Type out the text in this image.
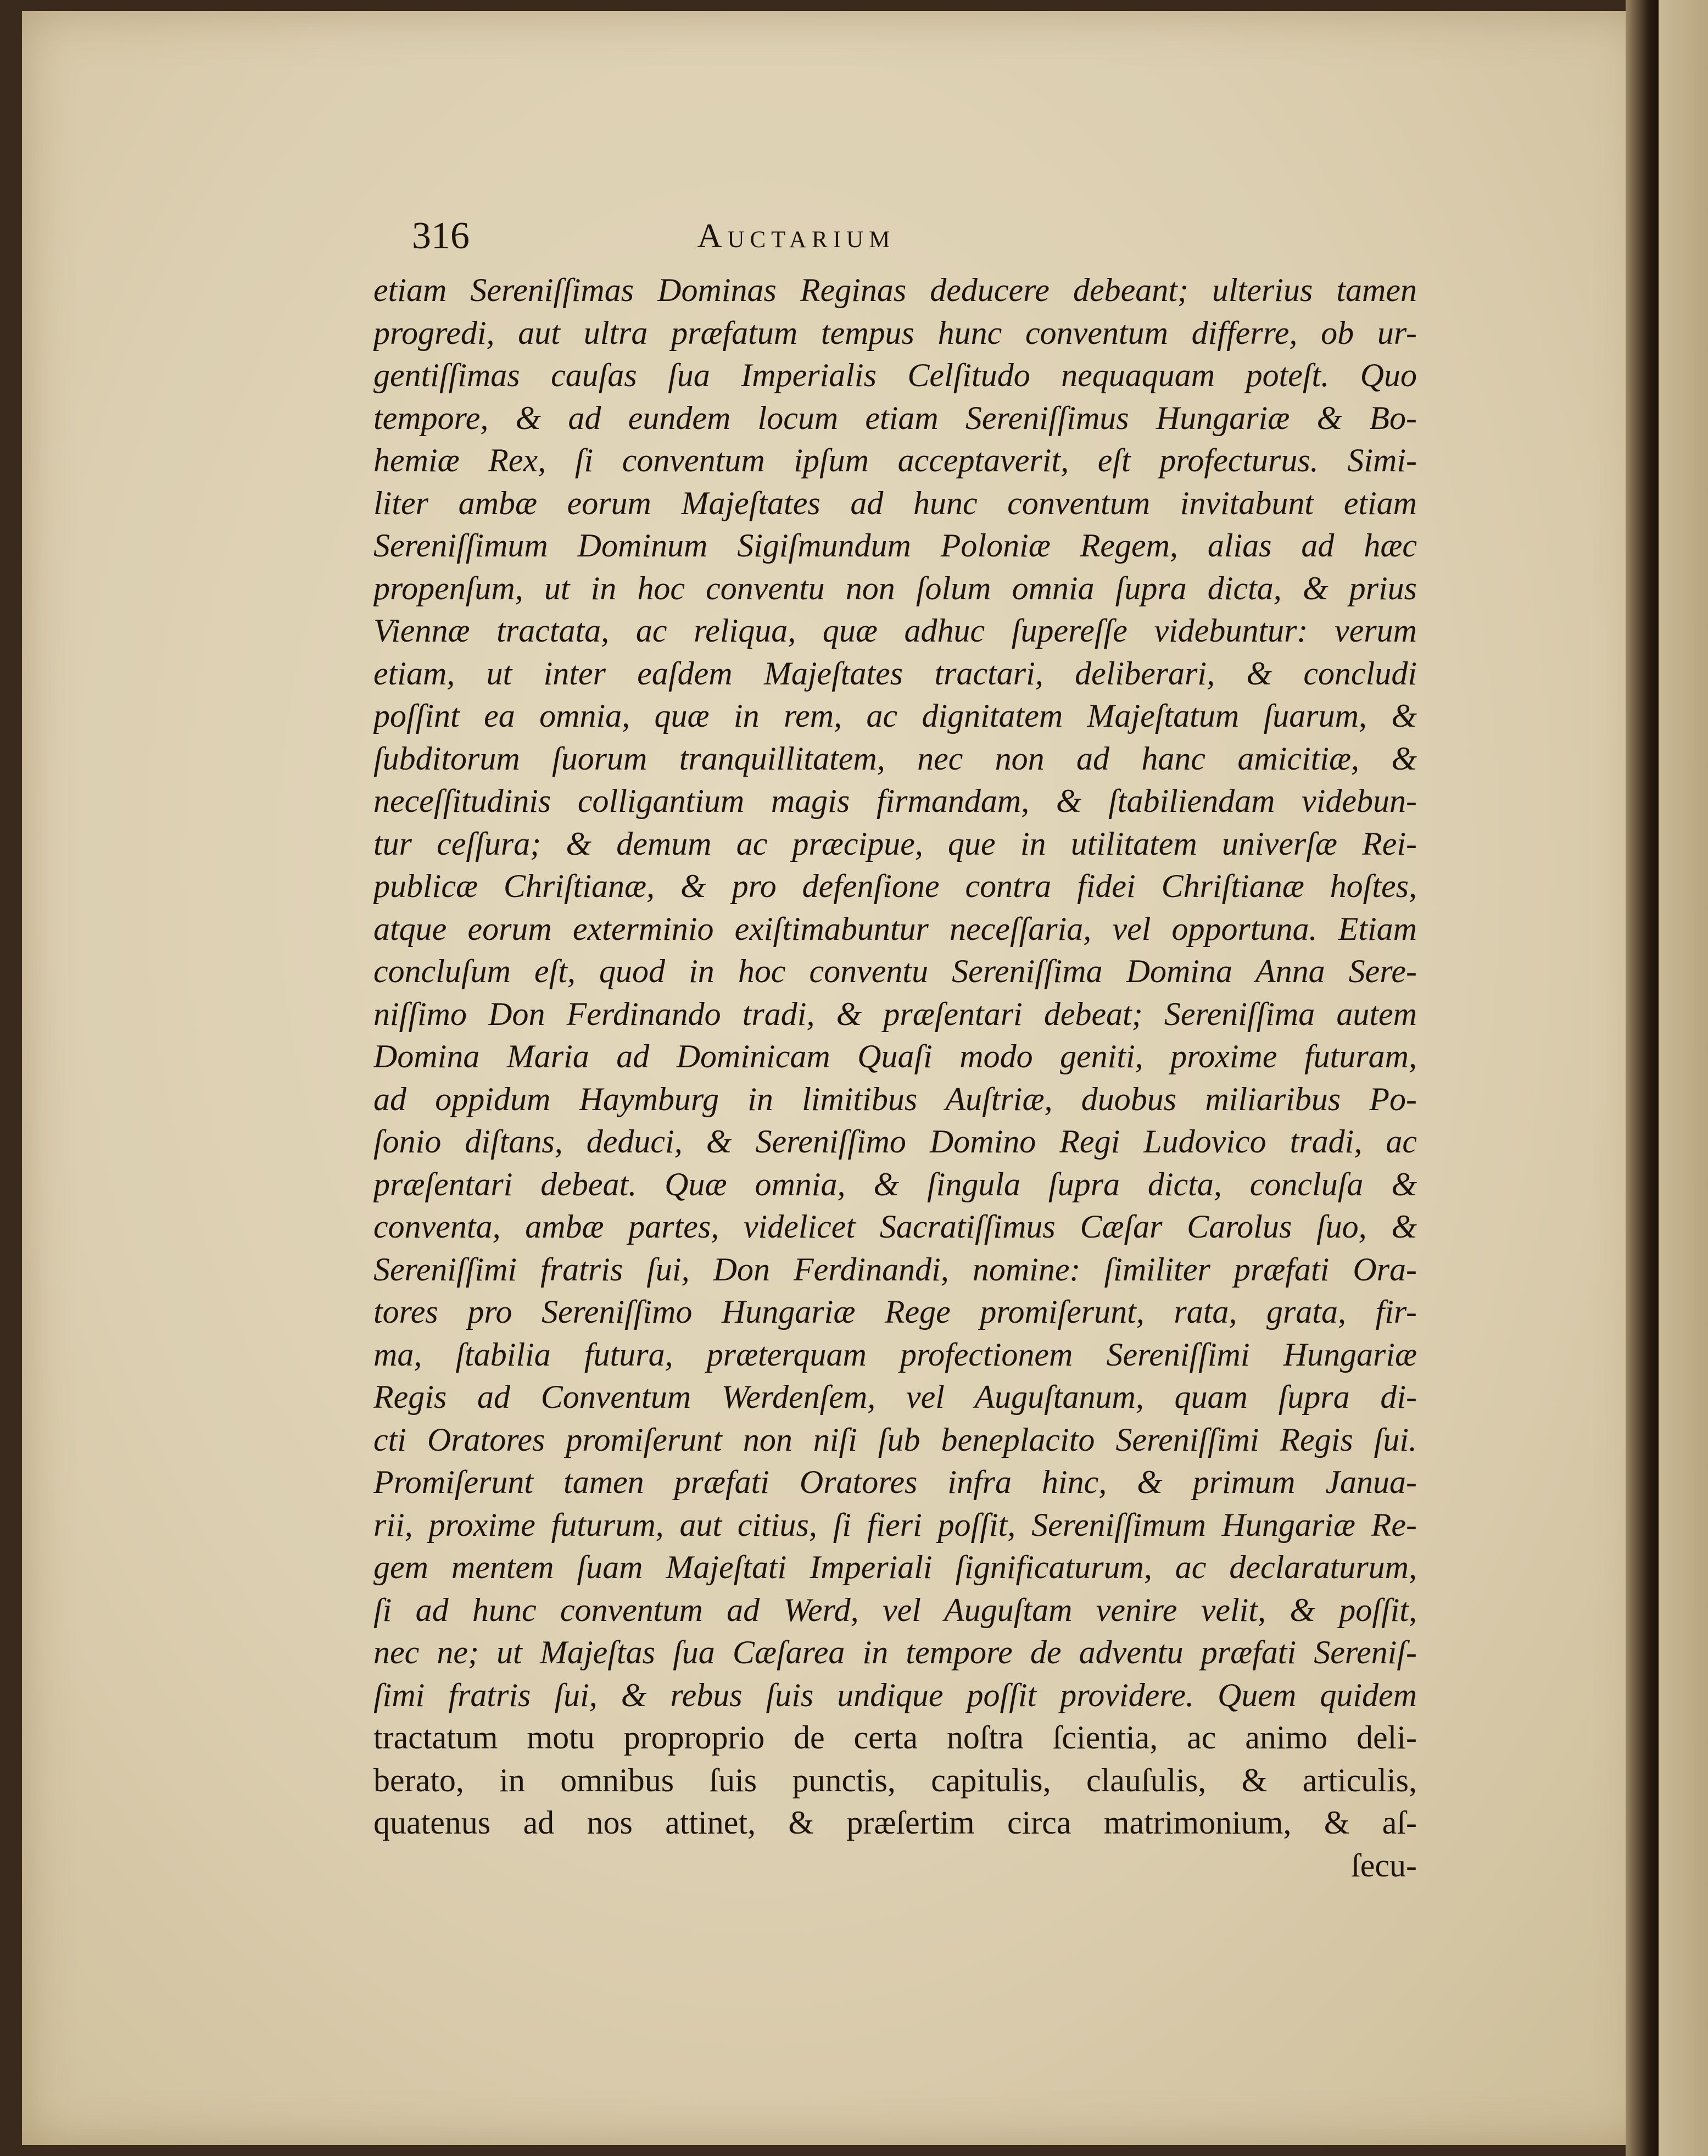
316	Auctarium
etiam Sereniſſimas Dominas Reginas deducere debeant; ulterius tamen
progredi, aut ultra præfatum tempus hunc conventum differre, ob ur-
gentiſſimas cauſas ſua Imperialis Celſitudo nequaquam poteſt. Quo
tempore, & ad eundem locum etiam Sereniſſimus Hungariæ & Bo-
hemiæ Rex, ſi conventum ipſum acceptaverit, eſt profecturus. Simi-
liter ambæ eorum Majeſtates ad hunc conventum invitabunt etiam
Sereniſſimum Dominum Sigiſmundum Poloniæ Regem, alias ad hæc
propenſum, ut in hoc conventu non ſolum omnia ſupra dicta, & prius
Viennæ tractata, ac reliqua, quæ adhuc ſupereſſe videbuntur: verum
etiam, ut inter eaſdem Majeſtates tractari, deliberari, & concludi
poſſint ea omnia, quæ in rem, ac dignitatem Majeſtatum ſuarum, &
ſubditorum ſuorum tranquillitatem, nec non ad hanc amicitiæ, &
neceſſitudinis colligantium magis firmandam, & ſtabiliendam videbun-
tur ceſſura; & demum ac præcipue, que in utilitatem univerſæ Rei-
publicæ Chriſtianæ, & pro defenſione contra fidei Chriſtianæ hoſtes,
atque eorum exterminio exiſtimabuntur neceſſaria, vel opportuna. Etiam
concluſum eſt, quod in hoc conventu Sereniſſima Domina Anna Sere-
niſſimo Don Ferdinando tradi, & præſentari debeat; Sereniſſima autem
Domina Maria ad Dominicam Quaſi modo geniti, proxime futuram,
ad oppidum Haymburg in limitibus Auſtriæ, duobus miliaribus Po-
ſonio diſtans, deduci, & Sereniſſimo Domino Regi Ludovico tradi, ac
præſentari debeat. Quæ omnia, & ſingula ſupra dicta, concluſa &
conventa, ambæ partes, videlicet Sacratiſſimus Cæſar Carolus ſuo, &
Sereniſſimi fratris ſui, Don Ferdinandi, nomine: ſimiliter præfati Ora-
tores pro Sereniſſimo Hungariæ Rege promiſerunt, rata, grata, fir-
ma, ſtabilia futura, præterquam profectionem Sereniſſimi Hungariæ
Regis ad Conventum Werdenſem, vel Auguſtanum, quam ſupra di-
cti Oratores promiſerunt non niſi ſub beneplacito Sereniſſimi Regis ſui.
Promiſerunt tamen præfati Oratores infra hinc, & primum Janua-
rii, proxime futurum, aut citius, ſi fieri poſſit, Sereniſſimum Hungariæ Re-
gem mentem ſuam Majeſtati Imperiali ſignificaturum, ac declaraturum,
ſi ad hunc conventum ad Werd, vel Auguſtam venire velit, & poſſit,
nec ne; ut Majeſtas ſua Cæſarea in tempore de adventu præfati Sereniſ-
ſimi fratris ſui, & rebus ſuis undique poſſit providere. Quem quidem
tractatum motu proproprio de certa noſtra ſcientia, ac animo deli-
berato, in omnibus ſuis punctis, capitulis, clauſulis, & articulis,
quatenus ad nos attinet, & præſertim circa matrimonium, & aſ-
ſecu-
